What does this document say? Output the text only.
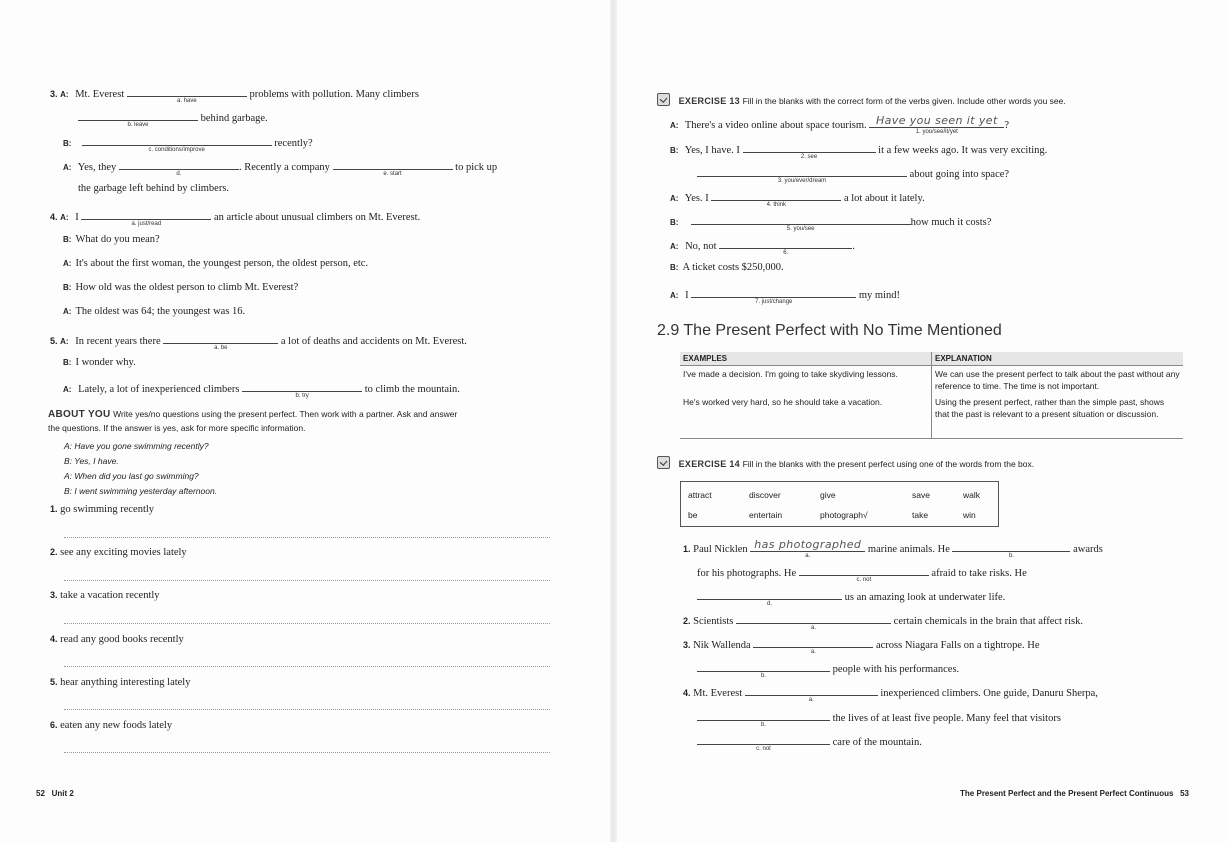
3. A: Mt. Everest
a. have
problems with pollution. Many climbers
b. leave
behind garbage.
B:
c. conditions/improve
recently?
A: Yes, they
d.
. Recently a company
e. start
to pick up
the garbage left behind by climbers.
4. A: I
a. just/read
an article about unusual climbers on Mt. Everest.
B: What do you mean?
A: It's about the first woman, the youngest person, the oldest person, etc.
B: How old was the oldest person to climb Mt. Everest?
A: The oldest was 64; the youngest was 16.
5. A: In recent years there
a. be
a lot of deaths and accidents on Mt. Everest.
B: I wonder why.
A: Lately, a lot of inexperienced climbers
b. try
to climb the mountain.
ABOUT YOU Write yes/no questions using the present perfect. Then work with a partner. Ask and answer
the questions. If the answer is yes, ask for more specific information.
A: Have you gone swimming recently?
B: Yes, I have.
A: When did you last go swimming?
B: I went swimming yesterday afternoon.
1. go swimming recently
2. see any exciting movies lately
3. take a vacation recently
4. read any good books recently
5. hear anything interesting lately
6. eaten any new foods lately
52 Unit 2
EXERCISE 13 Fill in the blanks with the correct form of the verbs given. Include other words you see.
A: There's a video online about space tourism. Have you seen it yet
1. you/see/it/yet
?
B: Yes, I have. I
2. see
it a few weeks ago. It was very exciting.
3. you/ever/dream
about going into space?
A: Yes. I
4. think
a lot about it lately.
B:
5. you/see
how much it costs?
A: No, not
6.
.
B: A ticket costs $250,000.
A: I
7. just/change
my mind!
2.9 The Present Perfect with No Time Mentioned
EXAMPLES	EXPLANATION
I've made a decision. I'm going to take skydiving lessons.	We can use the present perfect to talk about the past without any reference to time. The time is not important.
He's worked very hard, so he should take a vacation.	Using the present perfect, rather than the simple past, shows that the past is relevant to a present situation or discussion.
EXERCISE 14 Fill in the blanks with the present perfect using one of the words from the box.
attract	discover	give	save	walk
be	entertain	photograph√	take	win
1. Paul Nicklen has photographed
a.
marine animals. He
b.
awards
for his photographs. He
c. not
afraid to take risks. He
d.
us an amazing look at underwater life.
2. Scientists
a.
certain chemicals in the brain that affect risk.
3. Nik Wallenda
a.
across Niagara Falls on a tightrope. He
b.
people with his performances.
4. Mt. Everest
a.
inexperienced climbers. One guide, Danuru Sherpa,
b.
the lives of at least five people. Many feel that visitors
c. not
care of the mountain.
The Present Perfect and the Present Perfect Continuous 53
